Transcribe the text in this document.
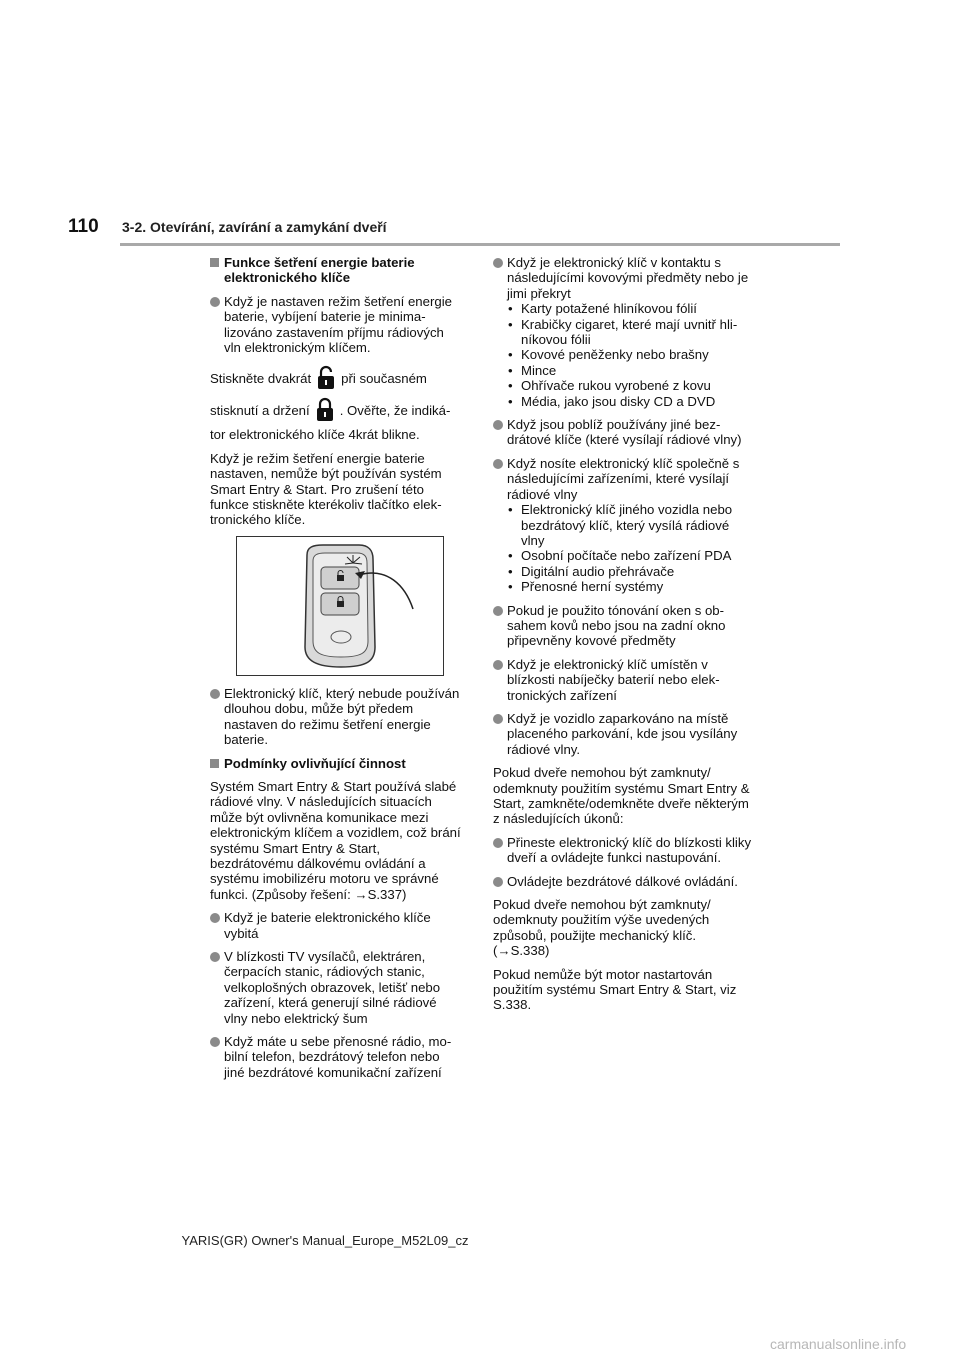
110 3-2. Otevírání, zavírání a zamykání dveří
Funkce šetření energie baterie elektronického klíče
Když je nastaven režim šetření energie baterie, vybíjení baterie je minimalizováno zastavením příjmu rádiových vln elektronickým klíčem.
Stiskněte dvakrát při současném
stisknutí a držení . Ověřte, že indiká-

tor elektronického klíče 4krát blikne.

Když je režim šetření energie baterie nastaven, nemůže být používán systém Smart Entry & Start. Pro zrušení této funkce stiskněte kterékoliv tlačítko elektronického klíče.

Elektronický klíč, který nebude používán dlouhou dobu, může být předem nastaven do režimu šetření energie baterie.
Podmínky ovlivňující činnost

Systém Smart Entry & Start používá slabé rádiové vlny. V následujících situacích může být ovlivněna komunikace mezi elektronickým klíčem a vozidlem, což brání systému Smart Entry & Start, bezdrátovému dálkovému ovládání a systému imobilizéru motoru ve správné funkci. (Způsoby řešení: →S.337)

Když je baterie elektronického klíče vybitá
V blízkosti TV vysílačů, elektráren, čerpacích stanic, rádiových stanic, velkoplošných obrazovek, letišť nebo zařízení, která generují silné rádiové vlny nebo elektrický šum
Když máte u sebe přenosné rádio, mobilní telefon, bezdrátový telefon nebo jiné bezdrátové komunikační zařízení
Když je elektronický klíč v kontaktu s následujícími kovovými předměty nebo je jimi překryt
• Karty potažené hliníkovou fólií
• Krabičky cigaret, které mají uvnitř hliníkovou fólii
• Kovové peněženky nebo brašny
• Mince
• Ohřívače rukou vyrobené z kovu
• Média, jako jsou disky CD a DVD
Když jsou poblíž používány jiné bezdrátové klíče (které vysílají rádiové vlny)
Když nosíte elektronický klíč společně s následujícími zařízeními, které vysílají rádiové vlny
• Elektronický klíč jiného vozidla nebo bezdrátový klíč, který vysílá rádiové vlny
• Osobní počítače nebo zařízení PDA
• Digitální audio přehrávače
• Přenosné herní systémy
Pokud je použito tónování oken s obsahem kovů nebo jsou na zadní okno připevněny kovové předměty
Když je elektronický klíč umístěn v blízkosti nabíječky baterií nebo elektronických zařízení
Když je vozidlo zaparkováno na místě placeného parkování, kde jsou vysílány rádiové vlny.

Pokud dveře nemohou být zamknuty/ odemknuty použitím systému Smart Entry & Start, zamkněte/odemkněte dveře některým z následujících úkonů:

Přineste elektronický klíč do blízkosti kliky dveří a ovládejte funkci nastupování.
Ovládejte bezdrátové dálkové ovládání.

Pokud dveře nemohou být zamknuty/ odemknuty použitím výše uvedených způsobů, použijte mechanický klíč. (→S.338)

Pokud nemůže být motor nastartován použitím systému Smart Entry & Start, viz S.338.

YARIS(GR) Owner's Manual_Europe_M52L09_cz
carmanualsonline.info
